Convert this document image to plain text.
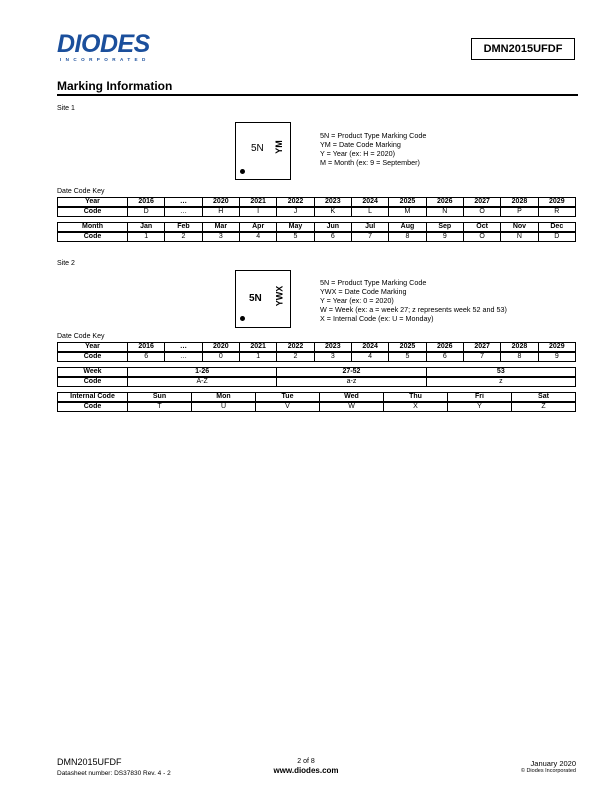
DIODES
INCORPORATED
DMN2015UFDF
Marking Information
Site 1
5N YM
5N = Product Type Marking Code
YM = Date Code Marking
Y = Year (ex: H = 2020)
M = Month (ex: 9 = September)
Date Code Key
Year	2016	…	2020	2021	2022	2023	2024	2025	2026	2027	2028	2029
Code	D	…	H	I	J	K	L	M	N	O	P	R
Month	Jan	Feb	Mar	Apr	May	Jun	Jul	Aug	Sep	Oct	Nov	Dec
Code	1	2	3	4	5	6	7	8	9	O	N	D
Site 2
5N YWX
5N = Product Type Marking Code
YWX = Date Code Marking
Y = Year (ex: 0 = 2020)
W = Week (ex: a = week 27; z represents week 52 and 53)
X = Internal Code (ex: U = Monday)
Date Code Key
Year	2016	…	2020	2021	2022	2023	2024	2025	2026	2027	2028	2029
Code	6	…	0	1	2	3	4	5	6	7	8	9
Week	1-26	27-52	53
Code	A-Z	a-z	z
Internal Code	Sun	Mon	Tue	Wed	Thu	Fri	Sat
Code	T	U	V	W	X	Y	Z
DMN2015UFDF
Datasheet number: DS37830 Rev. 4 - 2
2 of 8
www.diodes.com
January 2020
© Diodes Incorporated
